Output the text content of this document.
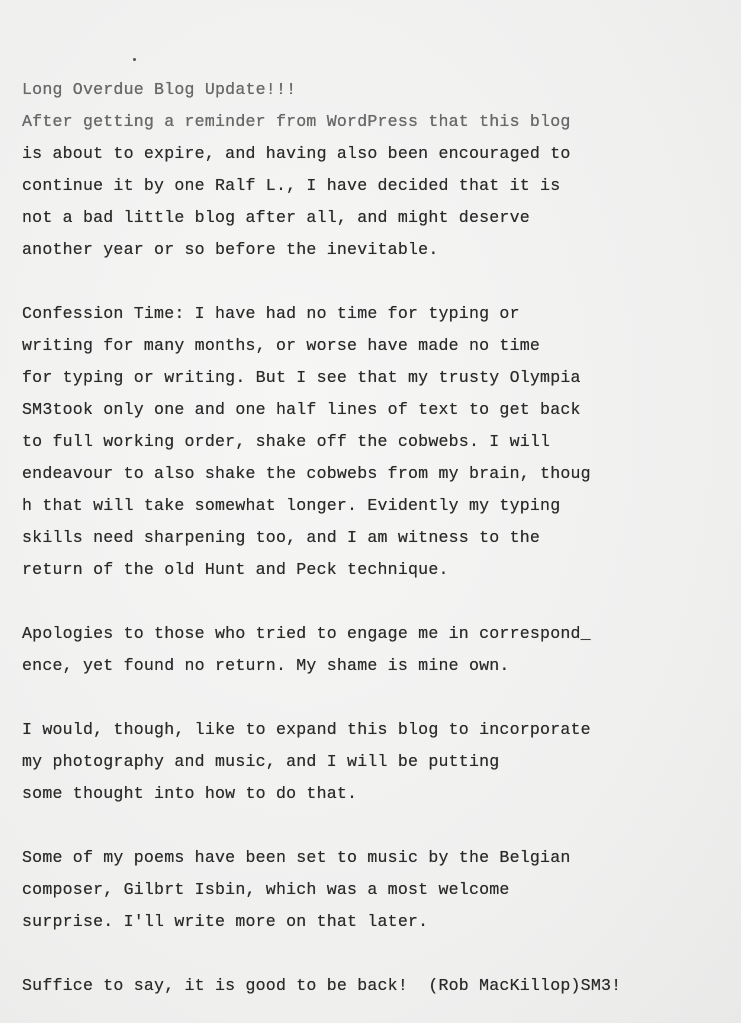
Long Overdue Blog Update!!!
After getting a reminder from WordPress that this blog
is about to expire, and having also been encouraged to
continue it by one Ralf L., I have decided that it is
not a bad little blog after all, and might deserve
another year or so before the inevitable.
Confession Time: I have had no time for typing or
writing for many months, or worse have made no time
for typing or writing. But I see that my trusty Olympia
SM3took only one and one half lines of text to get back
to full working order, shake off the cobwebs. I will
endeavour to also shake the cobwebs from my brain, thoug
h that will take somewhat longer. Evidently my typing
skills need sharpening too, and I am witness to the
return of the old Hunt and Peck technique.
Apologies to those who tried to engage me in correspond_
ence, yet found no return. My shame is mine own.
I would, though, like to expand this blog to incorporate
my photography and music, and I will be putting
some thought into how to do that.
Some of my poems have been set to music by the Belgian
composer, Gilbrt Isbin, which was a most welcome
surprise. I'll write more on that later.
Suffice to say, it is good to be back!  (Rob MacKillop)SM3!
